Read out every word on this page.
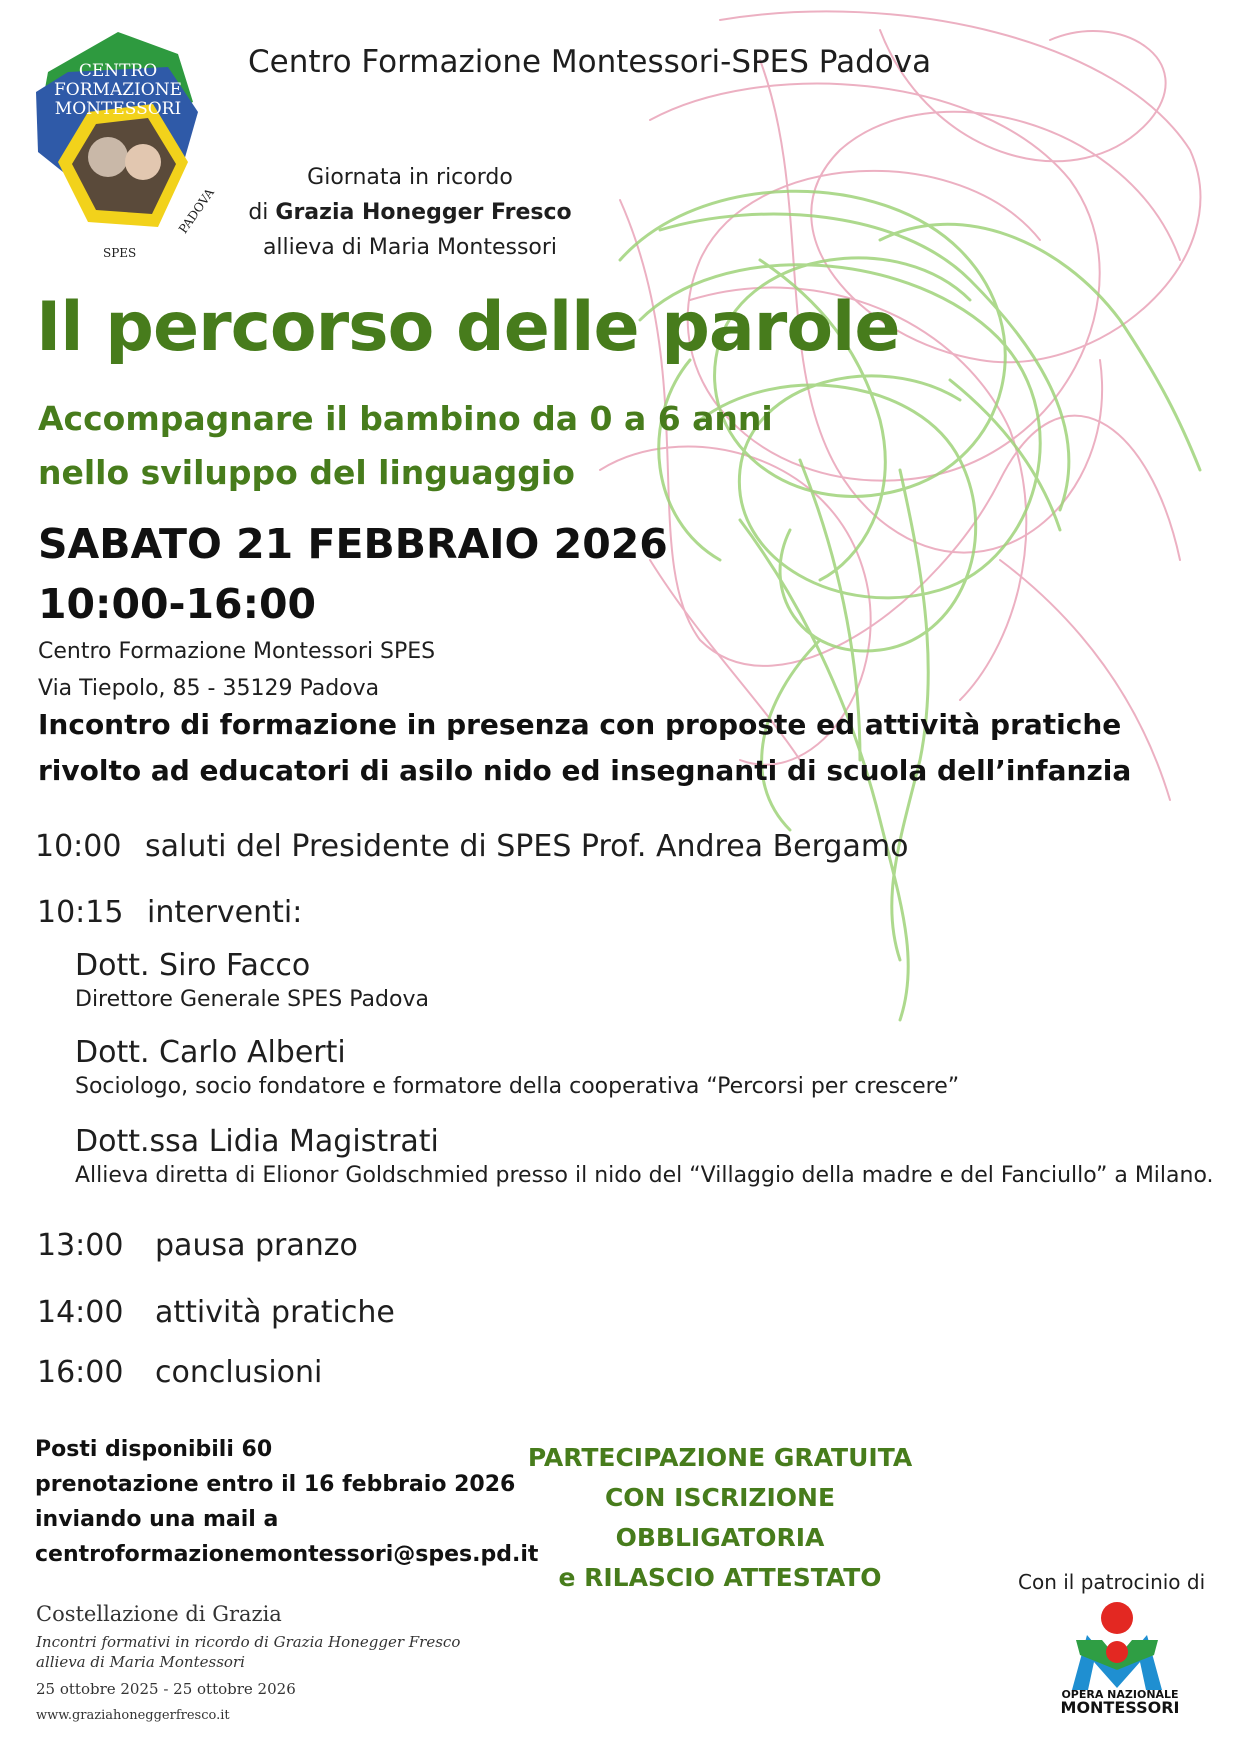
CENTRO
FORMAZIONE
MONTESSORI
SPES
PADOVA
Centro Formazione Montessori-SPES Padova
Giornata in ricordo
di Grazia Honegger Fresco
allieva di Maria Montessori
Il percorso delle parole
Accompagnare il bambino da 0 a 6 anni
nello sviluppo del linguaggio
SABATO 21 FEBBRAIO 2026
10:00-16:00
Centro Formazione Montessori SPES
Via Tiepolo, 85 - 35129 Padova
Incontro di formazione in presenza con proposte ed attività pratiche
rivolto ad educatori di asilo nido ed insegnanti di scuola dell’infanzia
10:00 saluti del Presidente di SPES Prof. Andrea Bergamo
10:15 interventi:
Dott. Siro Facco
Direttore Generale SPES Padova
Dott. Carlo Alberti
Sociologo, socio fondatore e formatore della cooperativa “Percorsi per crescere”
Dott.ssa Lidia Magistrati
Allieva diretta di Elionor Goldschmied presso il nido del “Villaggio della madre e del Fanciullo” a Milano.
13:00 pausa pranzo
14:00 attività pratiche
16:00 conclusioni
Posti disponibili 60
prenotazione entro il 16 febbraio 2026
inviando una mail a
centroformazionemontessori@spes.pd.it
PARTECIPAZIONE GRATUITA
CON ISCRIZIONE OBBLIGATORIA
e RILASCIO ATTESTATO
Costellazione di Grazia
Incontri formativi in ricordo di Grazia Honegger Fresco
allieva di Maria Montessori
25 ottobre 2025 - 25 ottobre 2026
www.graziahoneggerfresco.it
Con il patrocinio di
OPERA NAZIONALE
MONTESSORI
